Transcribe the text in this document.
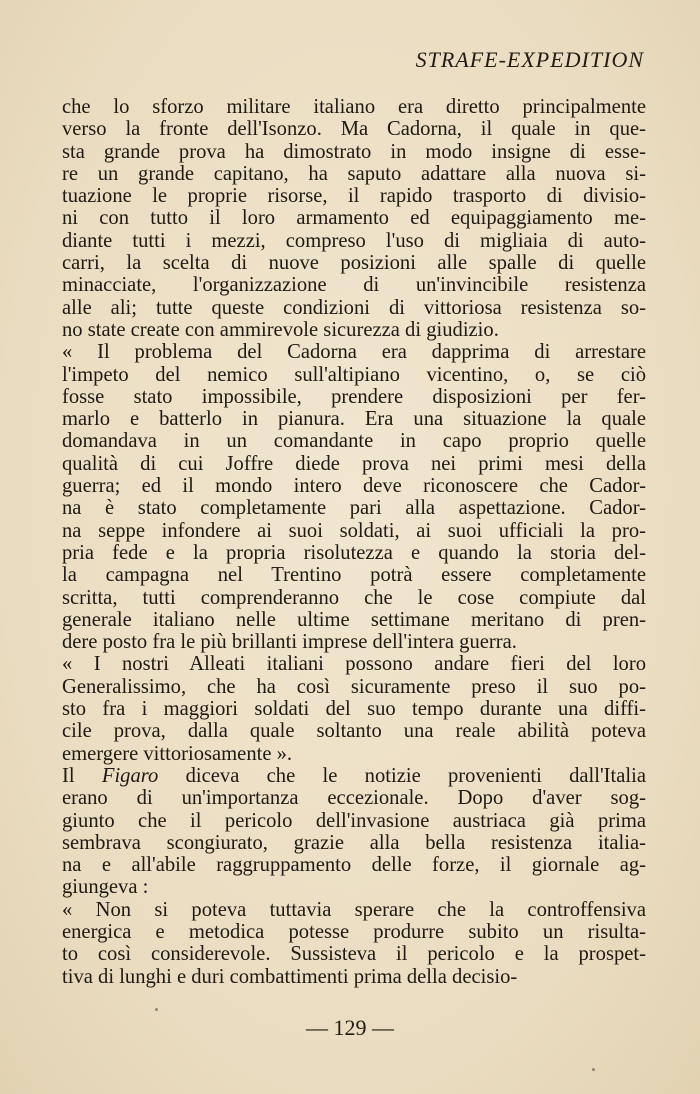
STRAFE-EXPEDITION

che lo sforzo militare italiano era diretto principalmente
verso la fronte dell'Isonzo. Ma Cadorna, il quale in que-
sta grande prova ha dimostrato in modo insigne di esse-
re un grande capitano, ha saputo adattare alla nuova si-
tuazione le proprie risorse, il rapido trasporto di divisio-
ni con tutto il loro armamento ed equipaggiamento me-
diante tutti i mezzi, compreso l'uso di migliaia di auto-
carri, la scelta di nuove posizioni alle spalle di quelle
minacciate, l'organizzazione di un'invincibile resistenza
alle ali; tutte queste condizioni di vittoriosa resistenza so-
no state create con ammirevole sicurezza di giudizio.

« Il problema del Cadorna era dapprima di arrestare
l'impeto del nemico sull'altipiano vicentino, o, se ciò
fosse stato impossibile, prendere disposizioni per fer-
marlo e batterlo in pianura. Era una situazione la quale
domandava in un comandante in capo proprio quelle
qualità di cui Joffre diede prova nei primi mesi della
guerra; ed il mondo intero deve riconoscere che Cador-
na è stato completamente pari alla aspettazione. Cador-
na seppe infondere ai suoi soldati, ai suoi ufficiali la pro-
pria fede e la propria risolutezza e quando la storia del-
la campagna nel Trentino potrà essere completamente
scritta, tutti comprenderanno che le cose compiute dal
generale italiano nelle ultime settimane meritano di pren-
dere posto fra le più brillanti imprese dell'intera guerra.

« I nostri Alleati italiani possono andare fieri del loro
Generalissimo, che ha così sicuramente preso il suo po-
sto fra i maggiori soldati del suo tempo durante una diffi-
cile prova, dalla quale soltanto una reale abilità poteva
emergere vittoriosamente ».

Il Figaro diceva che le notizie provenienti dall'Italia
erano di un'importanza eccezionale. Dopo d'aver sog-
giunto che il pericolo dell'invasione austriaca già prima
sembrava scongiurato, grazie alla bella resistenza italia-
na e all'abile raggruppamento delle forze, il giornale ag-
giungeva :

« Non si poteva tuttavia sperare che la controffensiva
energica e metodica potesse produrre subito un risulta-
to così considerevole. Sussisteva il pericolo e la prospet-
tiva di lunghi e duri combattimenti prima della decisio-

— 129 —
